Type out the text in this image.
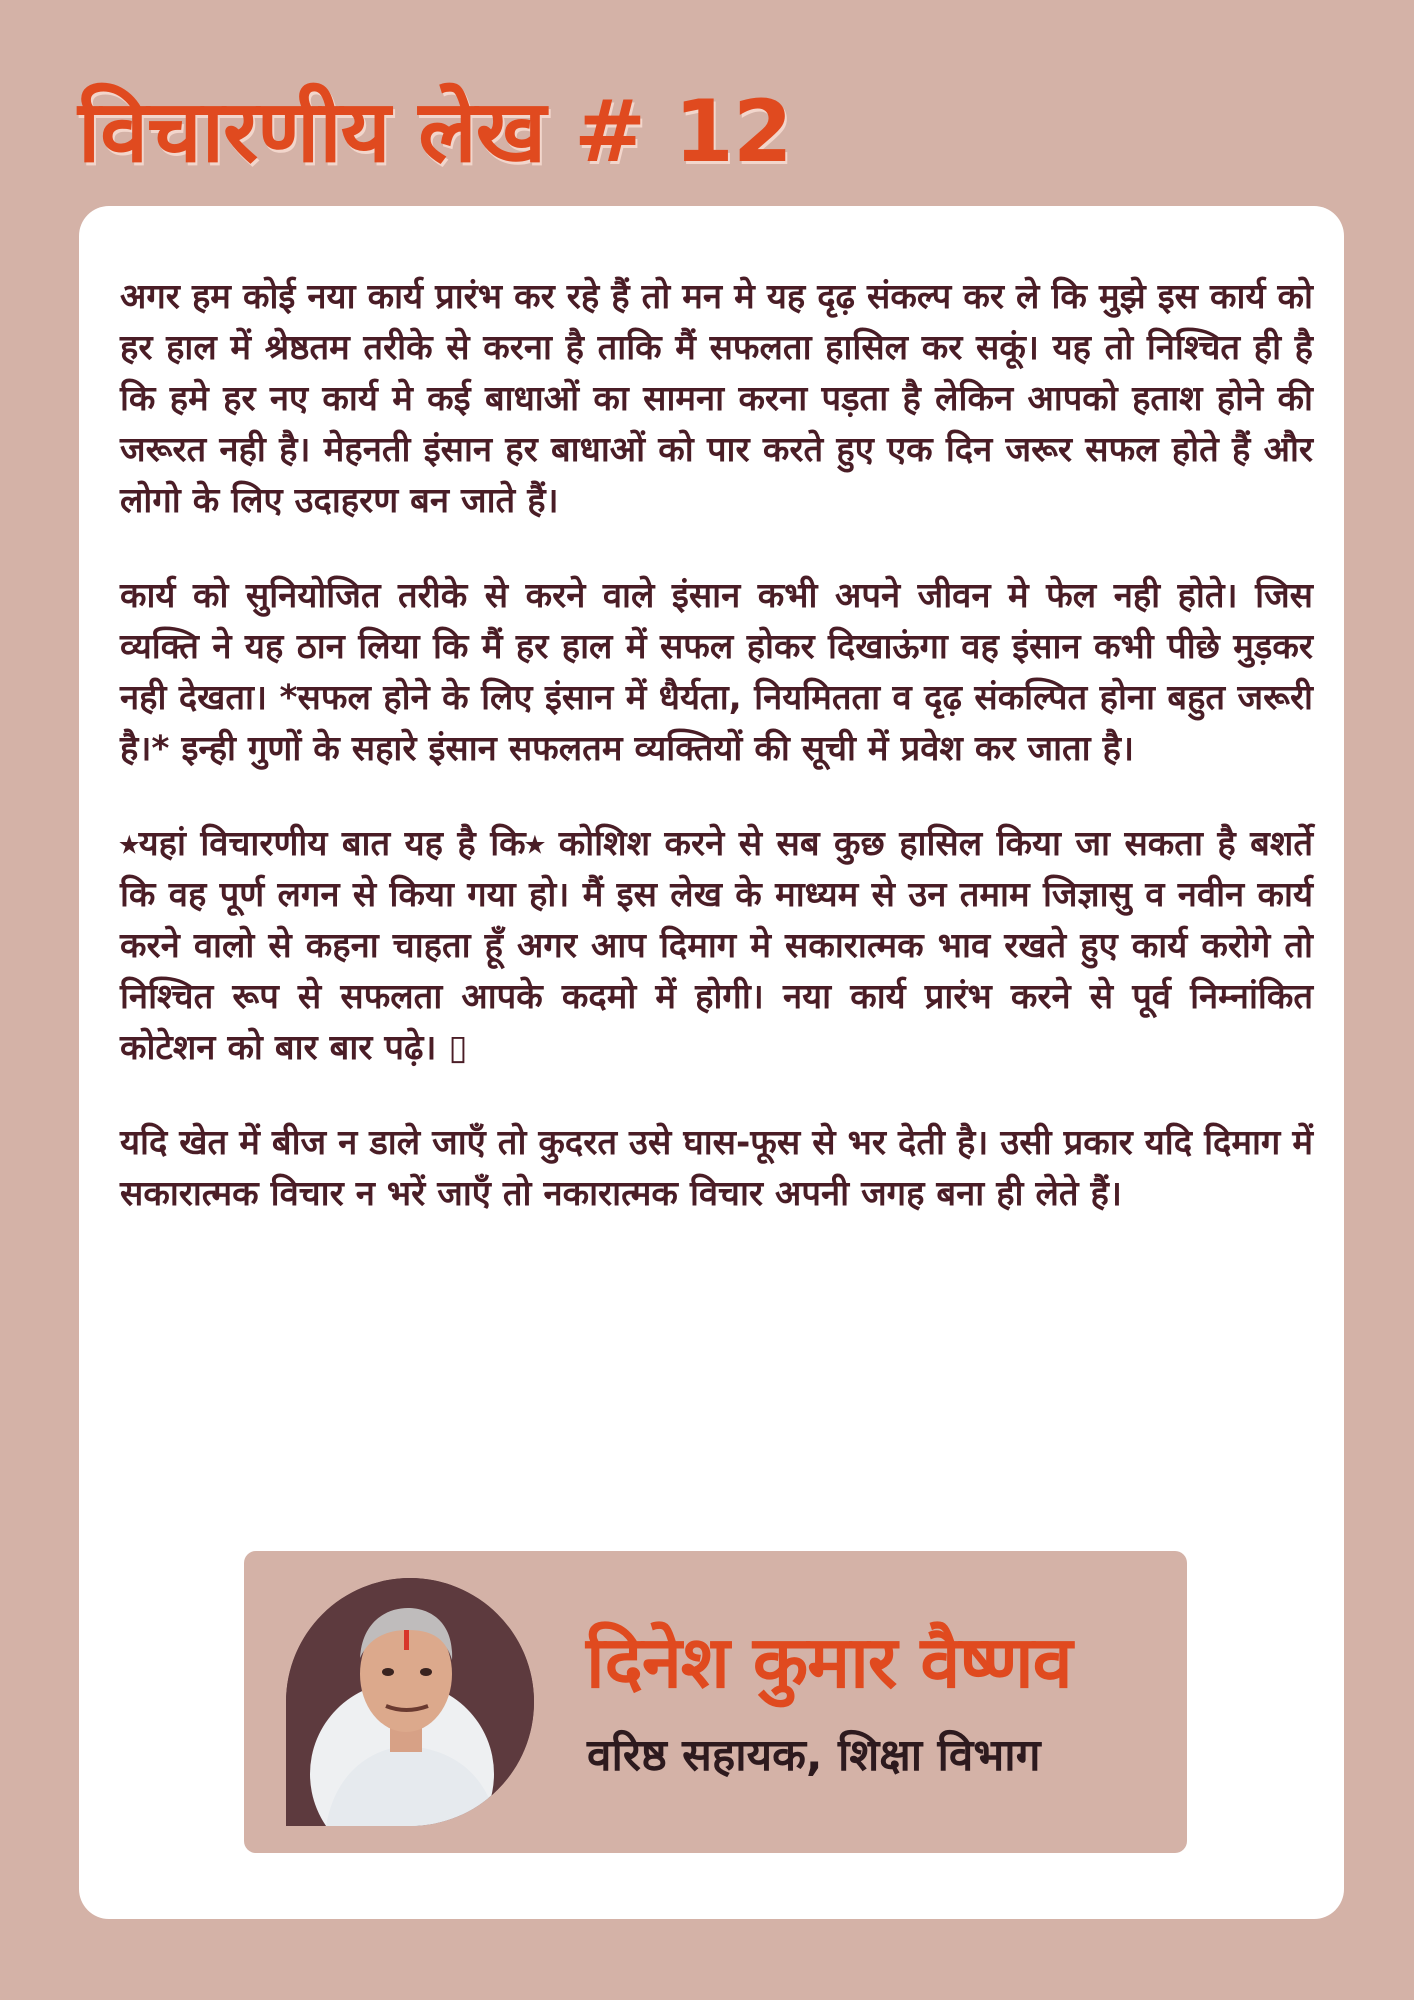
विचारणीय लेख # 12

अगर हम कोई नया कार्य प्रारंभ कर रहे हैं तो मन मे यह दृढ़ संकल्प कर ले कि मुझे इस कार्य को हर हाल में श्रेष्ठतम तरीके से करना है ताकि मैं सफलता हासिल कर सकूं। यह तो निश्चित ही है कि हमे हर नए कार्य मे कई बाधाओं का सामना करना पड़ता है लेकिन आपको हताश होने की जरूरत नही है। मेहनती इंसान हर बाधाओं को पार करते हुए एक दिन जरूर सफल होते हैं और लोगो के लिए उदाहरण बन जाते हैं।

कार्य को सुनियोजित तरीके से करने वाले इंसान कभी अपने जीवन मे फेल नही होते। जिस व्यक्ति ने यह ठान लिया कि मैं हर हाल में सफल होकर दिखाऊंगा वह इंसान कभी पीछे मुड़कर नही देखता। *सफल होने के लिए इंसान में धैर्यता, नियमितता व दृढ़ संकल्पित होना बहुत जरूरी है।* इन्ही गुणों के सहारे इंसान सफलतम व्यक्तियों की सूची में प्रवेश कर जाता है।

⭑यहां विचारणीय बात यह है कि⭑ कोशिश करने से सब कुछ हासिल किया जा सकता है बशर्ते कि वह पूर्ण लगन से किया गया हो। मैं इस लेख के माध्यम से उन तमाम जिज्ञासु व नवीन कार्य करने वालो से कहना चाहता हूँ अगर आप दिमाग मे सकारात्मक भाव रखते हुए कार्य करोगे तो निश्चित रूप से सफलता आपके कदमो में होगी। नया कार्य प्रारंभ करने से पूर्व निम्नांकित कोटेशन को बार बार पढ़े। ▯

यदि खेत में बीज न डाले जाएँ तो कुदरत उसे घास-फूस से भर देती है। उसी प्रकार यदि दिमाग में सकारात्मक विचार न भरें जाएँ तो नकारात्मक विचार अपनी जगह बना ही लेते हैं।

दिनेश कुमार वैष्णव
वरिष्ठ सहायक, शिक्षा विभाग
